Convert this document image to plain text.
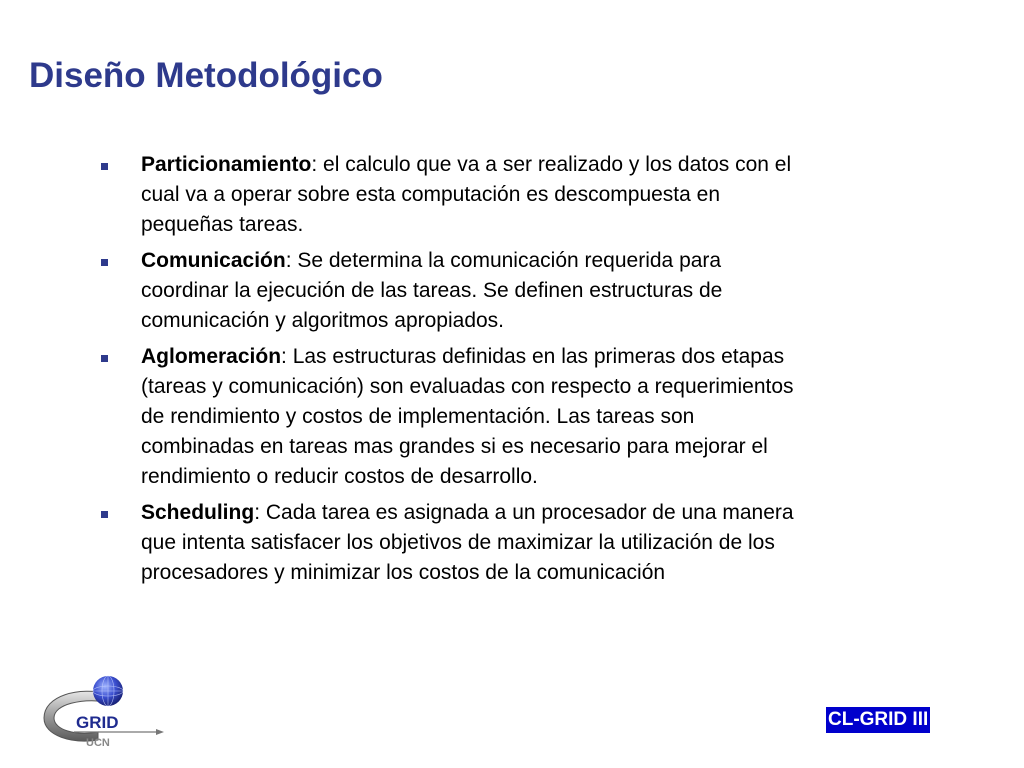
Diseño Metodológico
Particionamiento: el calculo que va a ser realizado y los datos con el cual va a operar sobre esta computación es descompuesta en pequeñas tareas.
Comunicación: Se determina la comunicación requerida para coordinar la ejecución de las tareas. Se definen estructuras de comunicación y algoritmos apropiados.
Aglomeración: Las estructuras definidas en las primeras dos etapas (tareas y comunicación) son evaluadas con respecto a requerimientos de rendimiento y costos de implementación. Las tareas son combinadas en tareas mas grandes si es necesario para mejorar el rendimiento o reducir costos de desarrollo.
Scheduling: Cada tarea es asignada a un procesador de una manera que intenta satisfacer los objetivos de maximizar la utilización de los procesadores y minimizar los costos de la comunicación
GRID
UCN
CL-GRID III
